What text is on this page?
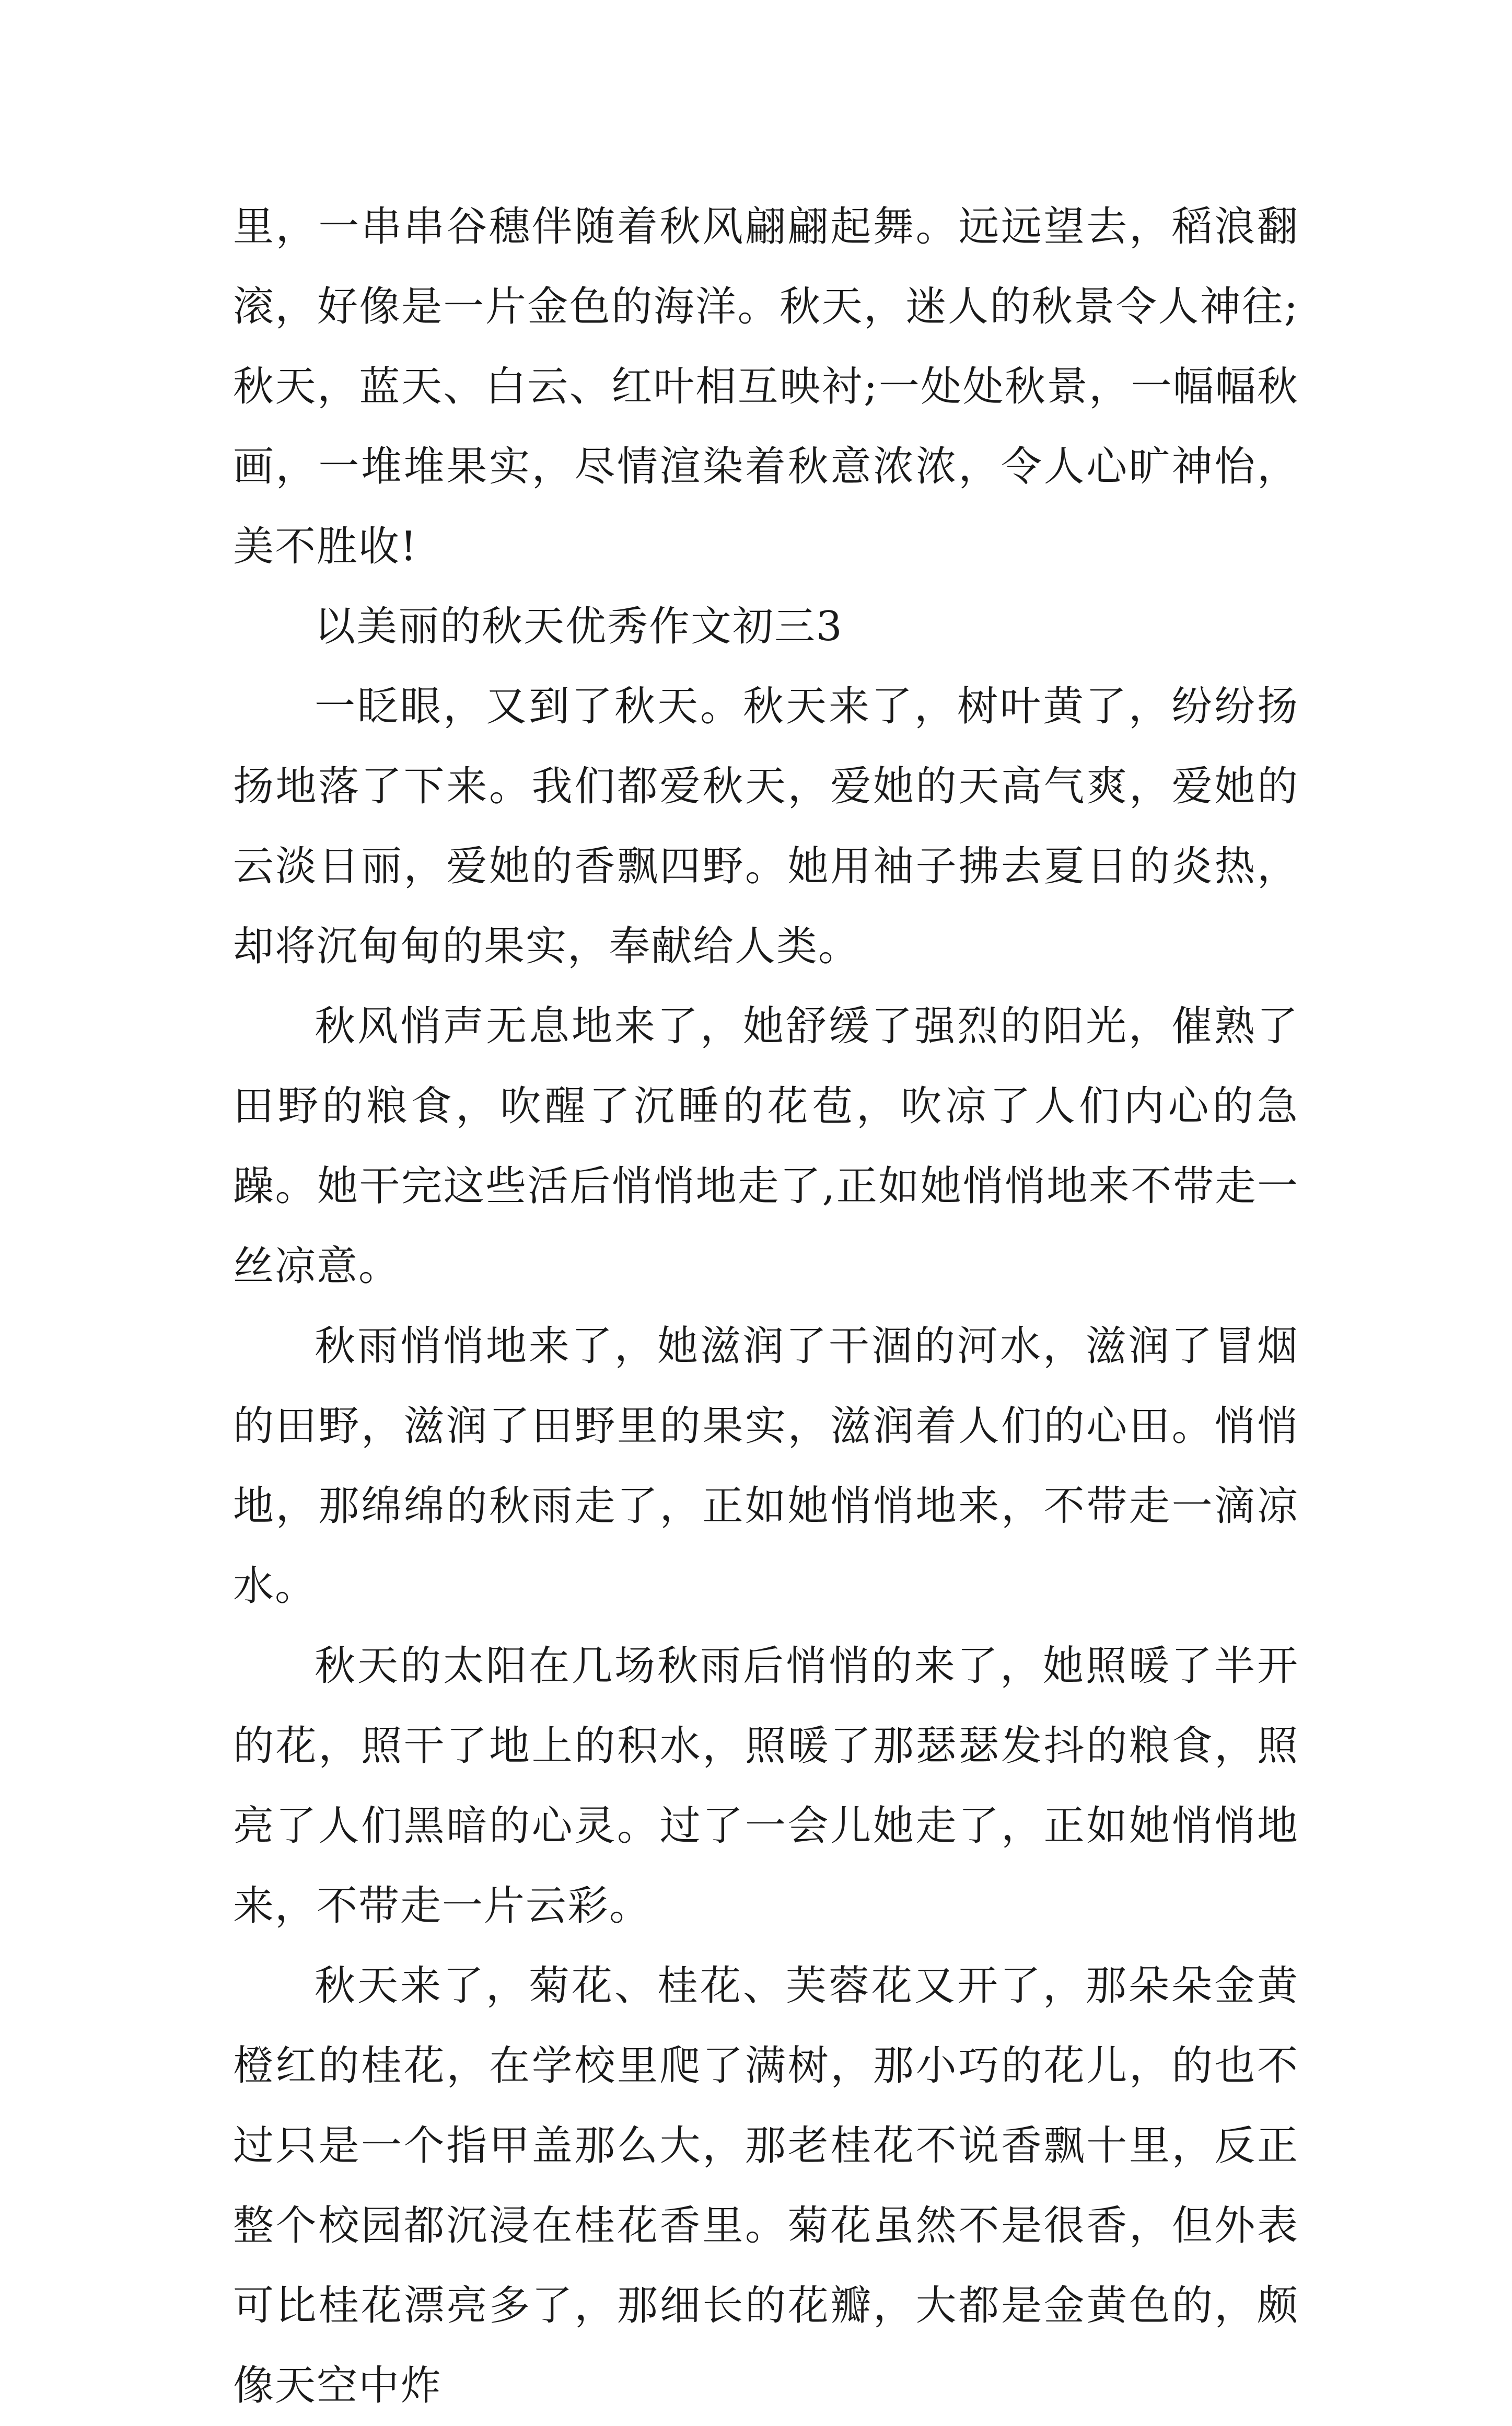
里，一串串谷穗伴随着秋风翩翩起舞。远远望去，稻浪翻滚，好像是一片金色的海洋。秋天，迷人的秋景令人神往;秋天，蓝天、白云、红叶相互映衬;一处处秋景，一幅幅秋画，一堆堆果实，尽情渲染着秋意浓浓，令人心旷神怡，美不胜收!

以美丽的秋天优秀作文初三3

一眨眼，又到了秋天。秋天来了，树叶黄了，纷纷扬扬地落了下来。我们都爱秋天，爱她的天高气爽，爱她的云淡日丽，爱她的香飘四野。她用袖子拂去夏日的炎热，却将沉甸甸的果实，奉献给人类。

秋风悄声无息地来了，她舒缓了强烈的阳光，催熟了田野的粮食，吹醒了沉睡的花苞，吹凉了人们内心的急躁。她干完这些活后悄悄地走了,正如她悄悄地来不带走一丝凉意。

秋雨悄悄地来了，她滋润了干涸的河水，滋润了冒烟的田野，滋润了田野里的果实，滋润着人们的心田。悄悄地，那绵绵的秋雨走了，正如她悄悄地来，不带走一滴凉水。

秋天的太阳在几场秋雨后悄悄的来了，她照暖了半开的花，照干了地上的积水，照暖了那瑟瑟发抖的粮食，照亮了人们黑暗的心灵。过了一会儿她走了，正如她悄悄地来，不带走一片云彩。

秋天来了，菊花、桂花、芙蓉花又开了，那朵朵金黄橙红的桂花，在学校里爬了满树，那小巧的花儿，的也不过只是一个指甲盖那么大，那老桂花不说香飘十里，反正整个校园都沉浸在桂花香里。菊花虽然不是很香，但外表可比桂花漂亮多了，那细长的花瓣，大都是金黄色的，颇像天空中炸
